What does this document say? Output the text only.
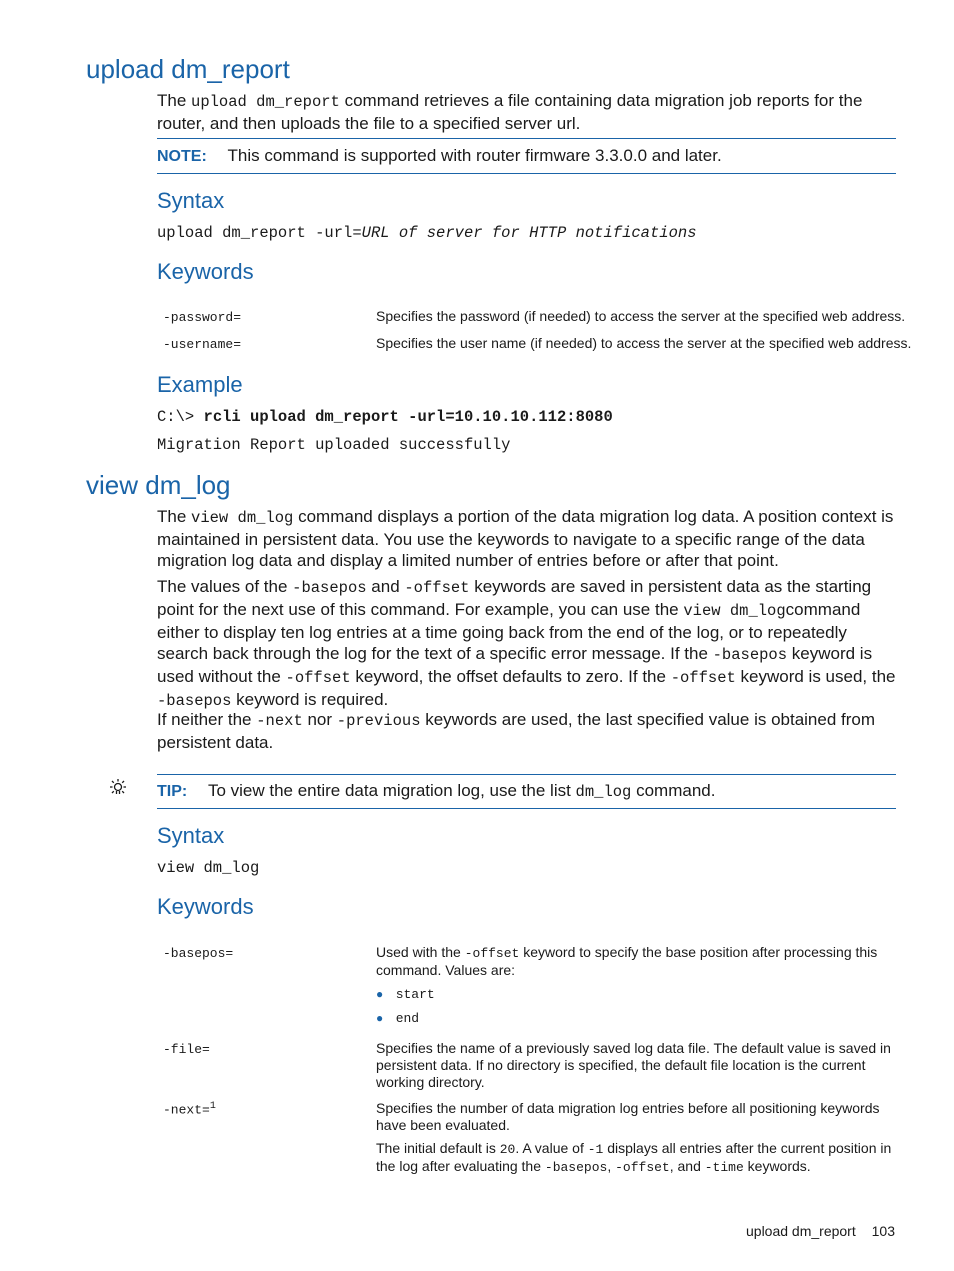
upload dm_report
The upload dm_report command retrieves a file containing data migration job reports for the router, and then uploads the file to a specified server url.
NOTE: This command is supported with router firmware 3.3.0.0 and later.
Syntax
upload dm_report -url=URL of server for HTTP notifications
Keywords
-password=	Specifies the password (if needed) to access the server at the specified web address.
-username=	Specifies the user name (if needed) to access the server at the specified web address.
Example
C:\> rcli upload dm_report -url=10.10.10.112:8080
Migration Report uploaded successfully
view dm_log
The view dm_log command displays a portion of the data migration log data. A position context is maintained in persistent data. You use the keywords to navigate to a specific range of the data migration log data and display a limited number of entries before or after that point.
The values of the -basepos and -offset keywords are saved in persistent data as the starting point for the next use of this command. For example, you can use the view dm_logcommand either to display ten log entries at a time going back from the end of the log, or to repeatedly search back through the log for the text of a specific error message. If the -basepos keyword is used without the -offset keyword, the offset defaults to zero. If the -offset keyword is used, the -basepos keyword is required.
If neither the -next nor -previous keywords are used, the last specified value is obtained from persistent data.
TIP: To view the entire data migration log, use the list dm_log command.
Syntax
view dm_log
Keywords
-basepos=	Used with the -offset keyword to specify the base position after processing this command. Values are:
● start
● end
-file=	Specifies the name of a previously saved log data file. The default value is saved in persistent data. If no directory is specified, the default file location is the current working directory.
-next=$^1$	Specifies the number of data migration log entries before all positioning keywords have been evaluated.
The initial default is 20. A value of -1 displays all entries after the current position in the log after evaluating the -basepos, -offset, and -time keywords.
upload dm_report 103
